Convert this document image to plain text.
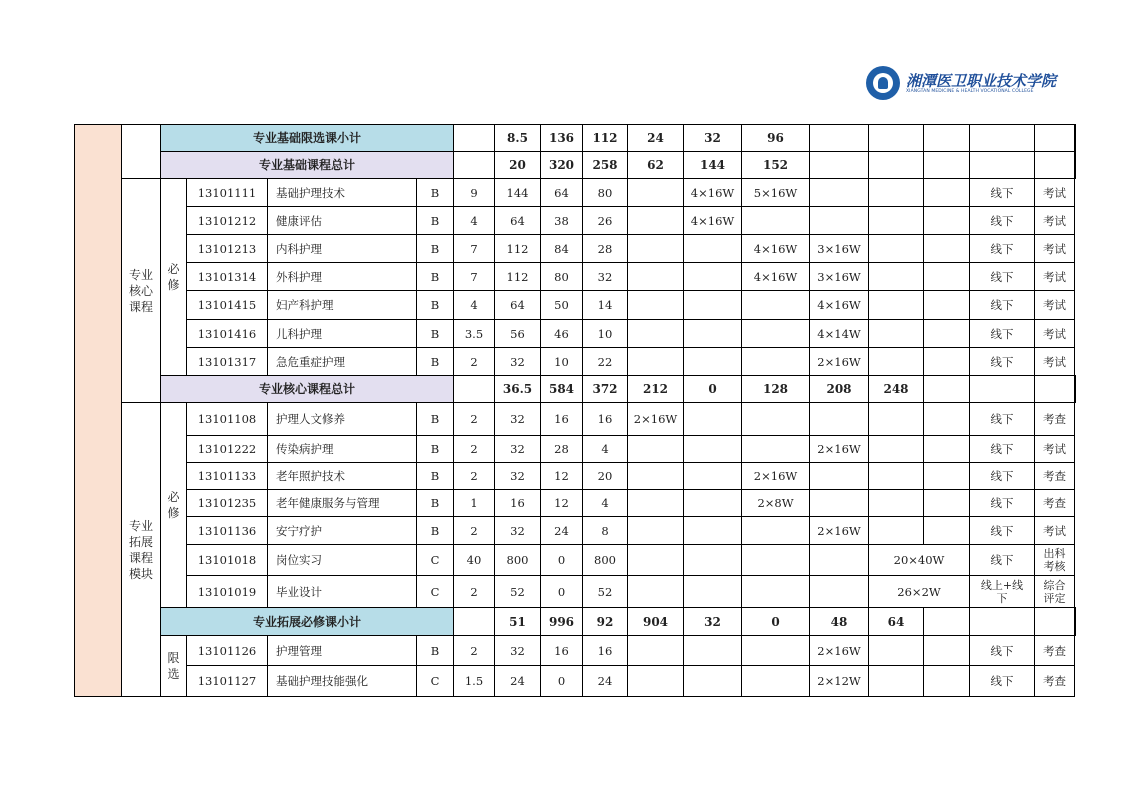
湘潭医卫职业技术学院
XIANGTAN MEDICINE & HEALTH VOCATIONAL COLLEGE

		专业基础限选课小计					8.5	136	112	24	32	96						

		专业基础课程总计					20	320	258	62	144	152						

	专业
核心
课程	必
修	13101111	基础护理技术	B	9	144	64	80		4×16W	5×16W				线下	考试	

			13101212	健康评估	B	4	64	38	26		4×16W					线下	考试	

			13101213	内科护理	B	7	112	84	28			4×16W	3×16W			线下	考试	

			13101314	外科护理	B	7	112	80	32			4×16W	3×16W			线下	考试	

			13101415	妇产科护理	B	4	64	50	14				4×16W			线下	考试	

			13101416	儿科护理	B	3.5	56	46	10				4×14W			线下	考试	

			13101317	急危重症护理	B	2	32	10	22				2×16W			线下	考试	

		专业核心课程总计					36.5	584	372	212	0	128	208	248				

	专业
拓展
课程
模块	必
修	13101108	护理人文修养	B	2	32	16	16	2×16W						线下	考查	

			13101222	传染病护理	B	2	32	28	4				2×16W			线下	考试	

			13101133	老年照护技术	B	2	32	12	20			2×16W				线下	考查	

			13101235	老年健康服务与管理	B	1	16	12	4			2×8W				线下	考查	

			13101136	安宁疗护	B	2	32	24	8				2×16W			线下	考试	

			13101018	岗位实习	C	40	800	0	800					20×40W		线下	出科
考核	

			13101019	毕业设计	C	2	52	0	52					26×2W		线上+线
下	综合
评定	

		专业拓展必修课小计					51	996	92	904	32	0	48	64				

		限
选	13101126	护理管理	B	2	32	16	16				2×16W			线下	考查	

			13101127	基础护理技能强化	C	1.5	24	0	24				2×12W			线下	考查	
